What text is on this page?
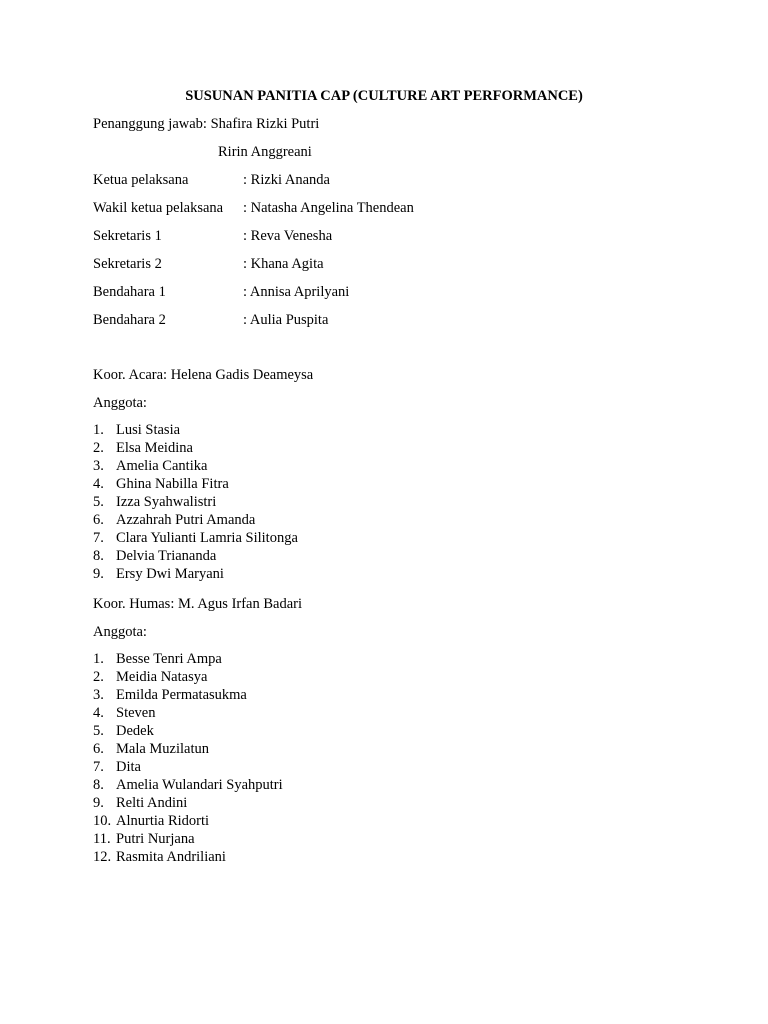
SUSUNAN PANITIA CAP (CULTURE ART PERFORMANCE)
Penanggung jawab: Shafira Rizki Putri
Ririn Anggreani
Ketua pelaksana	: Rizki Ananda
Wakil ketua pelaksana : Natasha Angelina Thendean
Sekretaris 1	: Reva Venesha
Sekretaris 2	: Khana Agita
Bendahara 1	: Annisa Aprilyani
Bendahara 2	: Aulia Puspita
Koor. Acara: Helena Gadis Deameysa
Anggota:
1. Lusi Stasia
2. Elsa Meidina
3. Amelia Cantika
4. Ghina Nabilla Fitra
5. Izza Syahwalistri
6. Azzahrah Putri Amanda
7. Clara Yulianti Lamria Silitonga
8. Delvia Triananda
9. Ersy Dwi Maryani
Koor. Humas: M. Agus Irfan Badari
Anggota:
1. Besse Tenri Ampa
2. Meidia Natasya
3. Emilda Permatasukma
4. Steven
5. Dedek
6. Mala Muzilatun
7. Dita
8. Amelia Wulandari Syahputri
9. Relti Andini
10. Alnurtia Ridorti
11. Putri Nurjana
12. Rasmita Andriliani
